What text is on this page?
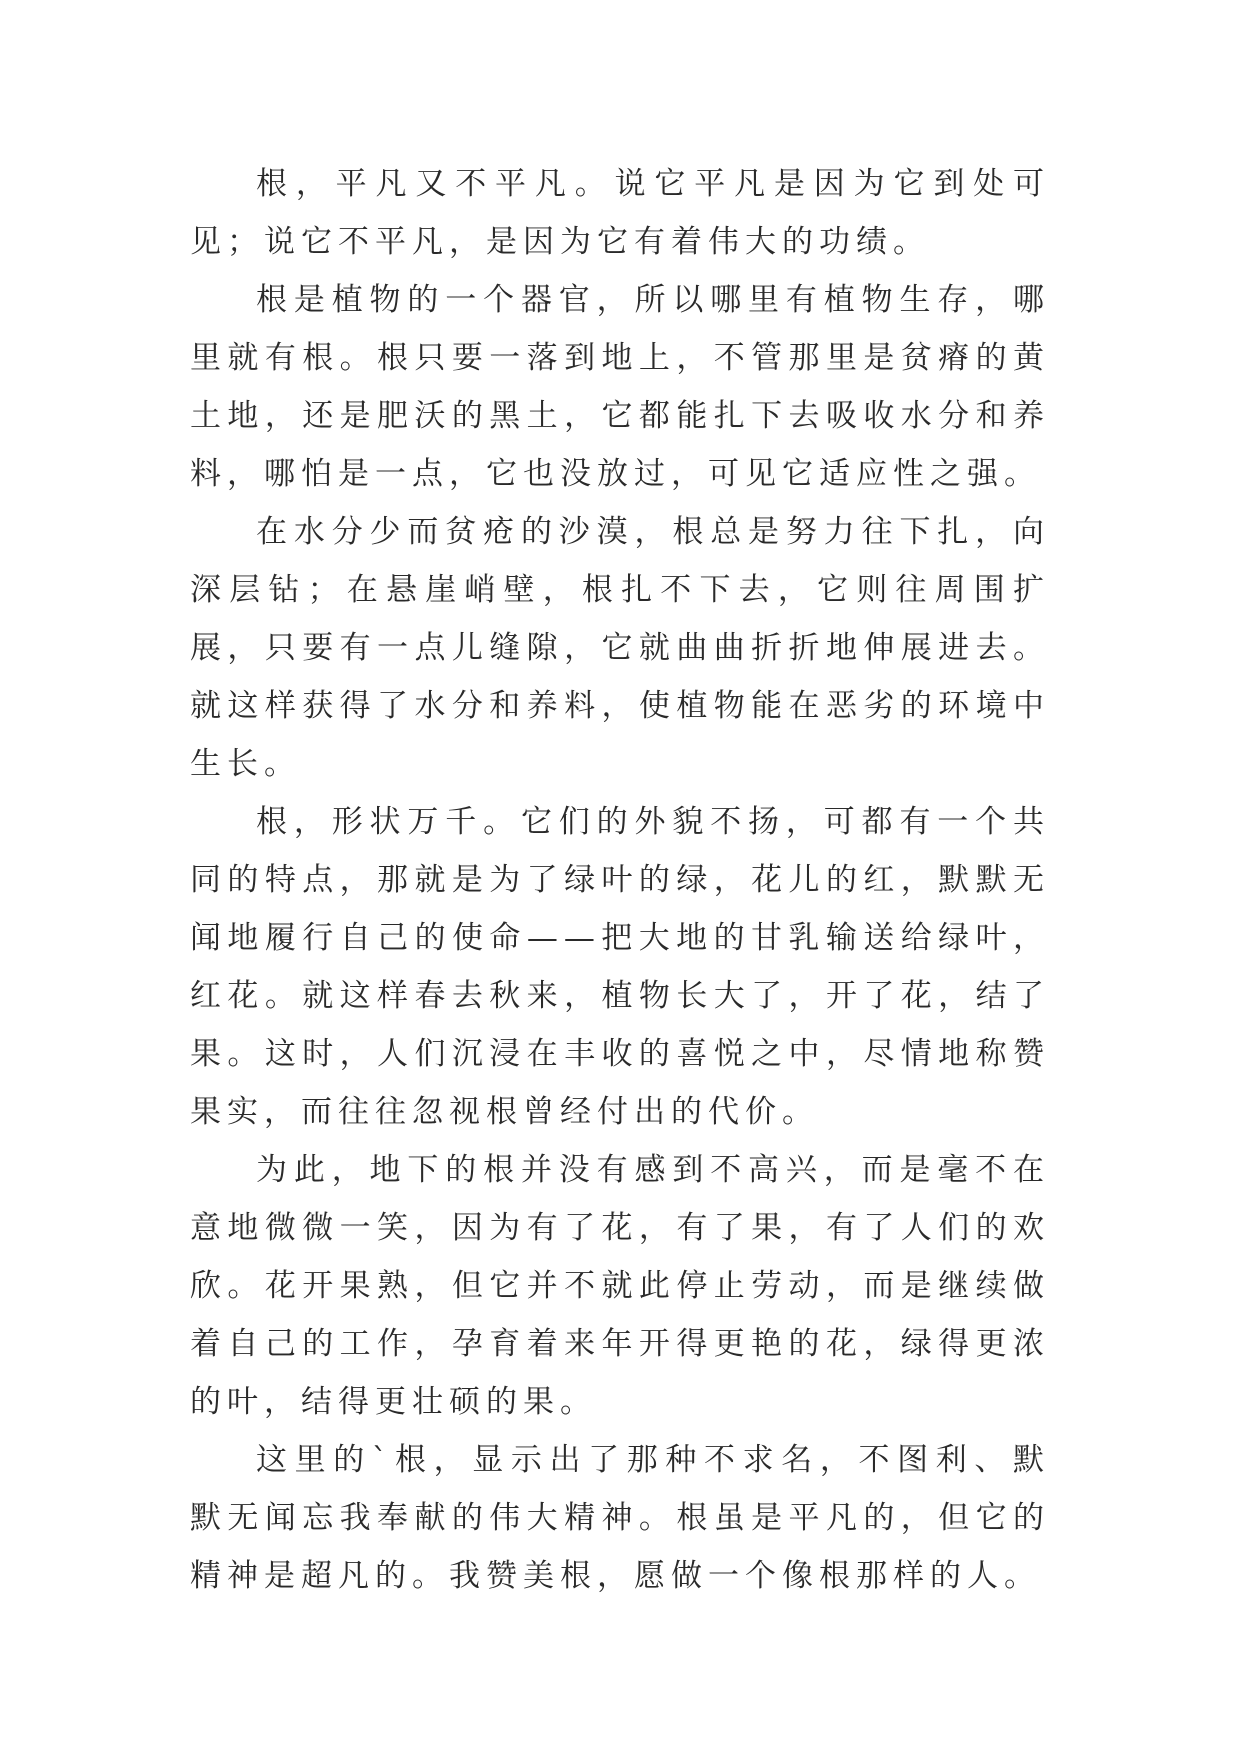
根，平凡又不平凡。说它平凡是因为它到处可见；说它不平凡，是因为它有着伟大的功绩。

根是植物的一个器官，所以哪里有植物生存，哪里就有根。根只要一落到地上，不管那里是贫瘠的黄土地，还是肥沃的黑土，它都能扎下去吸收水分和养料，哪怕是一点，它也没放过，可见它适应性之强。

在水分少而贫疮的沙漠，根总是努力往下扎，向深层钻；在悬崖峭壁，根扎不下去，它则往周围扩展，只要有一点儿缝隙，它就曲曲折折地伸展进去。就这样获得了水分和养料，使植物能在恶劣的环境中生长。

根，形状万千。它们的外貌不扬，可都有一个共同的特点，那就是为了绿叶的绿，花儿的红，默默无闻地履行自己的使命——把大地的甘乳输送给绿叶，红花。就这样春去秋来，植物长大了，开了花，结了果。这时，人们沉浸在丰收的喜悦之中，尽情地称赞果实，而往往忽视根曾经付出的代价。

为此，地下的根并没有感到不高兴，而是毫不在意地微微一笑，因为有了花，有了果，有了人们的欢欣。花开果熟，但它并不就此停止劳动，而是继续做着自己的工作，孕育着来年开得更艳的花，绿得更浓的叶，结得更壮硕的果。

这里的`根，显示出了那种不求名，不图利、默默无闻忘我奉献的伟大精神。根虽是平凡的，但它的精神是超凡的。我赞美根，愿做一个像根那样的人。
